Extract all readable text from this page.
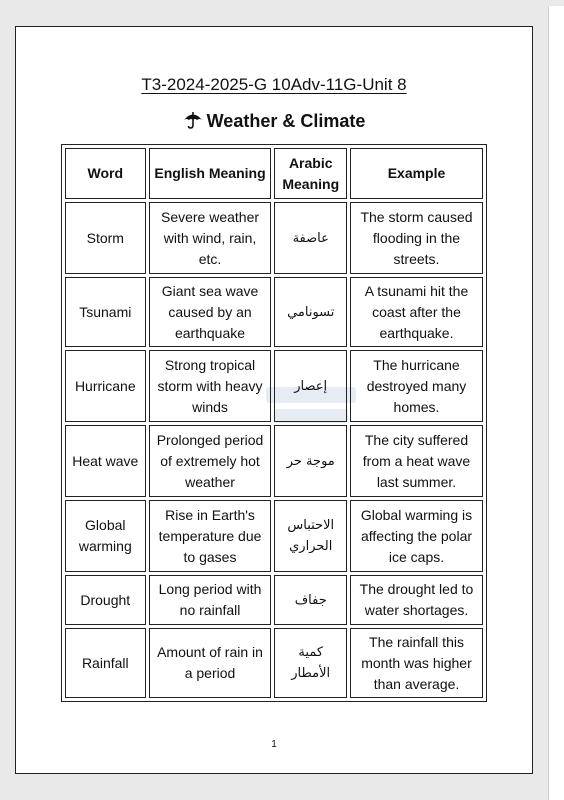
T3-2024-2025-G 10Adv-11G-Unit 8
Weather & Climate
Word	English Meaning	Arabic Meaning	Example
Storm	Severe weather with wind, rain, etc.	عاصفة	The storm caused flooding in the streets.
Tsunami	Giant sea wave caused by an earthquake	تسونامي	A tsunami hit the coast after the earthquake.
Hurricane	Strong tropical storm with heavy winds	إعصار	The hurricane destroyed many homes.
Heat wave	Prolonged period of extremely hot weather	موجة حر	The city suffered from a heat wave last summer.
Global warming	Rise in Earth's temperature due to gases	الاحتباس الحراري	Global warming is affecting the polar ice caps.
Drought	Long period with no rainfall	جفاف	The drought led to water shortages.
Rainfall	Amount of rain in a period	كمية الأمطار	The rainfall this month was higher than average.
1
